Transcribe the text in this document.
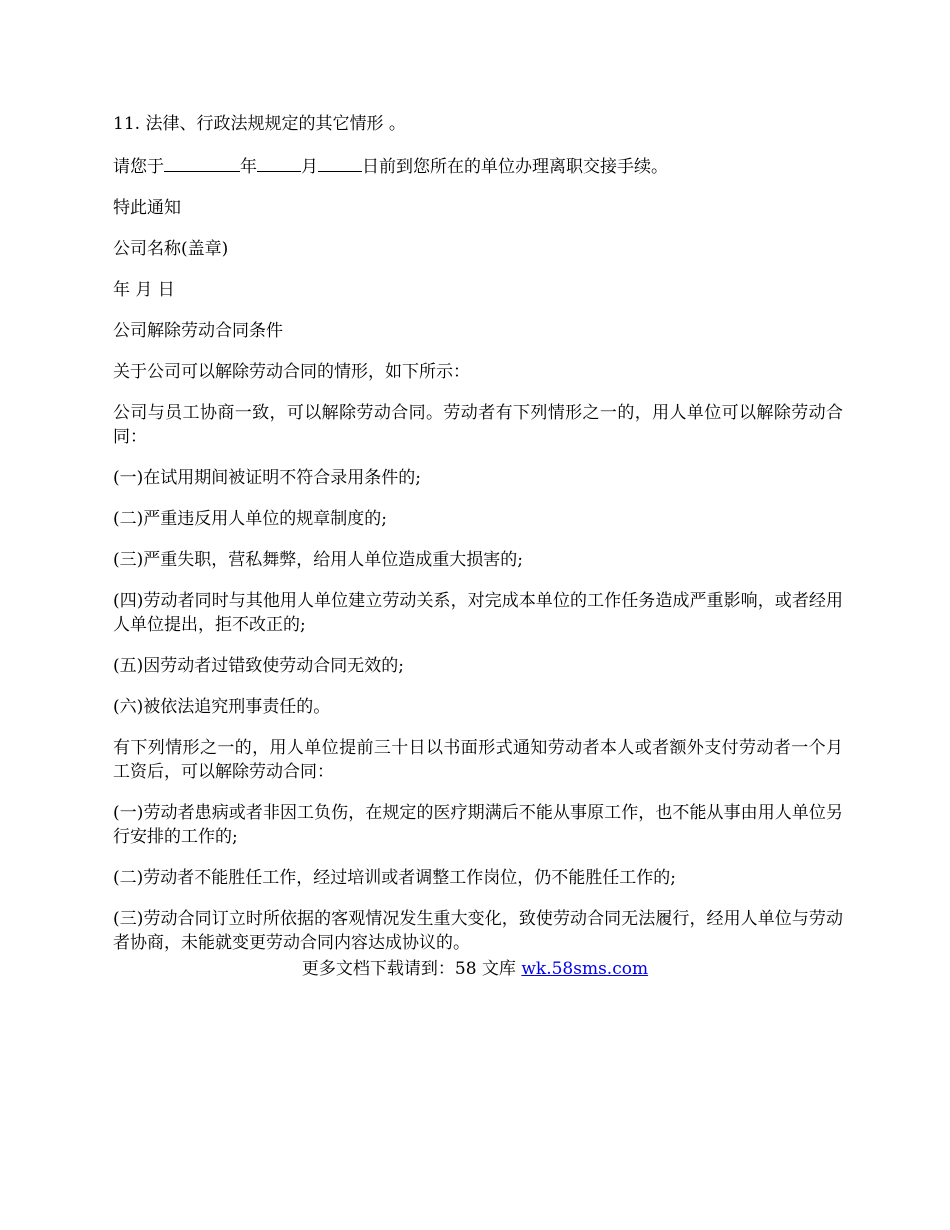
11. 法律、行政法规规定的其它情形 。

请您于	年	月	日前到您所在的单位办理离职交接手续。

特此通知

公司名称(盖章)

年 月 日

公司解除劳动合同条件

关于公司可以解除劳动合同的情形，如下所示：

公司与员工协商一致，可以解除劳动合同。劳动者有下列情形之一的，用人单位可以解除劳动合同：

(一)在试用期间被证明不符合录用条件的;

(二)严重违反用人单位的规章制度的;

(三)严重失职，营私舞弊，给用人单位造成重大损害的;

(四)劳动者同时与其他用人单位建立劳动关系，对完成本单位的工作任务造成严重影响，或者经用人单位提出，拒不改正的;

(五)因劳动者过错致使劳动合同无效的;

(六)被依法追究刑事责任的。

有下列情形之一的，用人单位提前三十日以书面形式通知劳动者本人或者额外支付劳动者一个月工资后，可以解除劳动合同：

(一)劳动者患病或者非因工负伤，在规定的医疗期满后不能从事原工作，也不能从事由用人单位另行安排的工作的;

(二)劳动者不能胜任工作，经过培训或者调整工作岗位，仍不能胜任工作的;

(三)劳动合同订立时所依据的客观情况发生重大变化，致使劳动合同无法履行，经用人单位与劳动者协商，未能就变更劳动合同内容达成协议的。

更多文档下载请到：58 文库 wk.58sms.com
